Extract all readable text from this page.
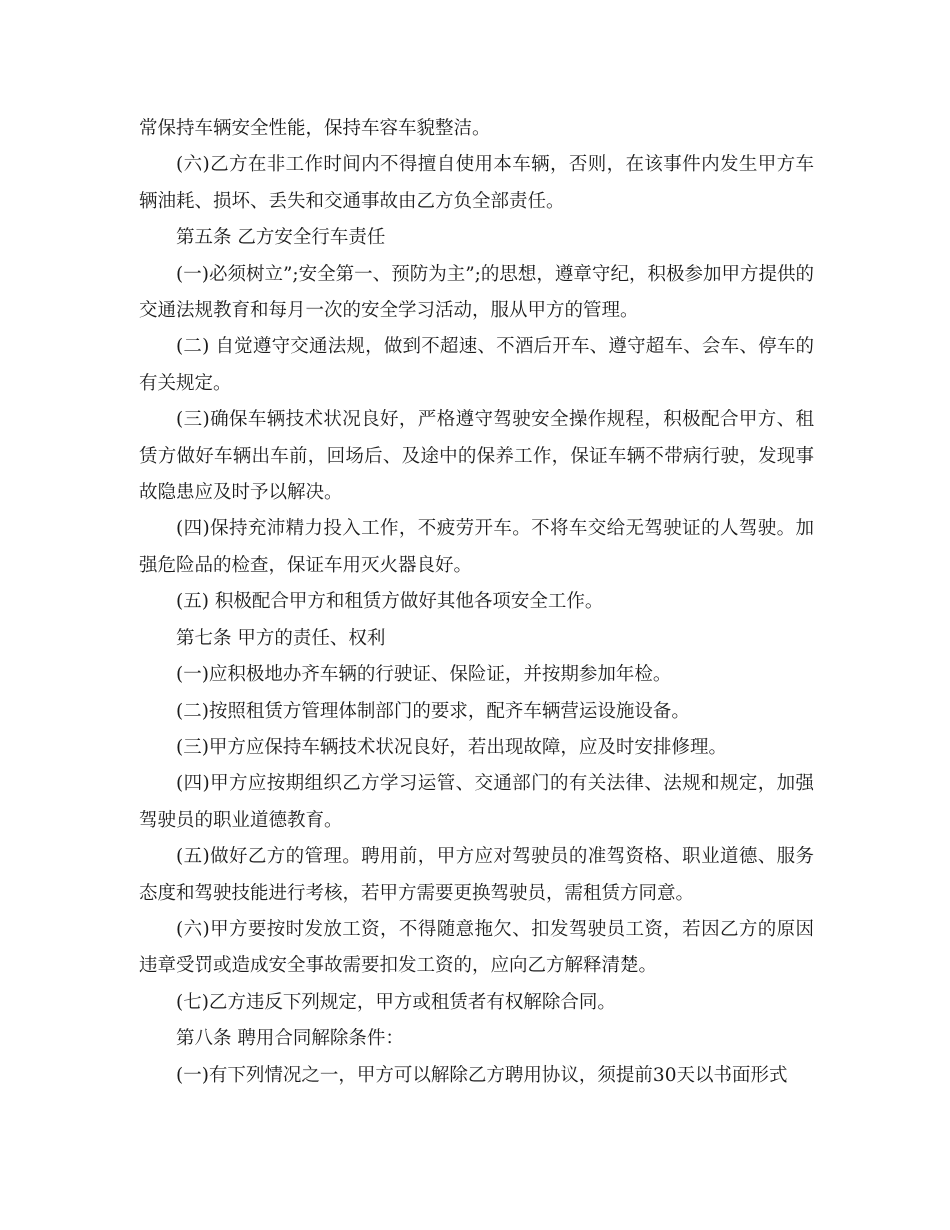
常保持车辆安全性能，保持车容车貌整洁。

(六)乙方在非工作时间内不得擅自使用本车辆，否则，在该事件内发生甲方车辆油耗、损坏、丢失和交通事故由乙方负全部责任。

第五条 乙方安全行车责任

(一)必须树立”;安全第一、预防为主”;的思想，遵章守纪，积极参加甲方提供的交通法规教育和每月一次的安全学习活动，服从甲方的管理。

(二) 自觉遵守交通法规，做到不超速、不酒后开车、遵守超车、会车、停车的有关规定。

(三)确保车辆技术状况良好，严格遵守驾驶安全操作规程，积极配合甲方、租赁方做好车辆出车前，回场后、及途中的保养工作，保证车辆不带病行驶，发现事故隐患应及时予以解决。

(四)保持充沛精力投入工作，不疲劳开车。不将车交给无驾驶证的人驾驶。加强危险品的检查，保证车用灭火器良好。

(五) 积极配合甲方和租赁方做好其他各项安全工作。

第七条 甲方的责任、权利

(一)应积极地办齐车辆的行驶证、保险证，并按期参加年检。

(二)按照租赁方管理体制部门的要求，配齐车辆营运设施设备。

(三)甲方应保持车辆技术状况良好，若出现故障，应及时安排修理。

(四)甲方应按期组织乙方学习运管、交通部门的有关法律、法规和规定，加强驾驶员的职业道德教育。

(五)做好乙方的管理。聘用前，甲方应对驾驶员的准驾资格、职业道德、服务态度和驾驶技能进行考核，若甲方需要更换驾驶员，需租赁方同意。

(六)甲方要按时发放工资，不得随意拖欠、扣发驾驶员工资，若因乙方的原因违章受罚或造成安全事故需要扣发工资的，应向乙方解释清楚。

(七)乙方违反下列规定，甲方或租赁者有权解除合同。

第八条 聘用合同解除条件：

(一)有下列情况之一，甲方可以解除乙方聘用协议，须提前30天以书面形式
